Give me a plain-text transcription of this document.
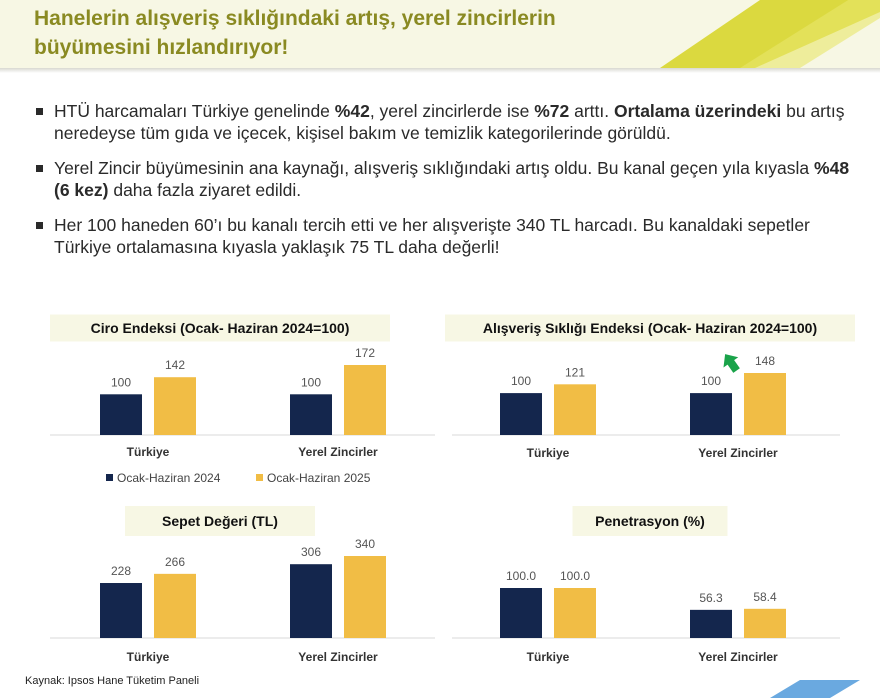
Hanelerin alışveriş sıklığındaki artış, yerel zincirlerin
büyümesini hızlandırıyor!
HTÜ harcamaları Türkiye genelinde %42, yerel zincirlerde ise %72 arttı. Ortalama üzerindeki bu artış neredeyse tüm gıda ve içecek, kişisel bakım ve temizlik kategorilerinde görüldü.
Yerel Zincir büyümesinin ana kaynağı, alışveriş sıklığındaki artış oldu. Bu kanal geçen yıla kıyasla %48 (6 kez) daha fazla ziyaret edildi.
Her 100 haneden 60’ı bu kanalı tercih etti ve her alışverişte 340 TL harcadı. Bu kanaldaki sepetler Türkiye ortalamasına kıyasla yaklaşık 75 TL daha değerli!
Ciro Endeksi (Ocak- Haziran 2024=100)
100
142
Türkiye
100
172
Yerel Zincirler
Ocak-Haziran 2024	Ocak-Haziran 2025
Alışveriş Sıklığı Endeksi (Ocak- Haziran 2024=100)
100
121
Türkiye
100
148
Yerel Zincirler
Sepet Değeri (TL)
228
266
Türkiye
306
340
Yerel Zincirler
Penetrasyon (%)
100.0 100.0
Türkiye
56.3	58.4
Yerel Zincirler
Kaynak: Ipsos Hane Tüketim Paneli
